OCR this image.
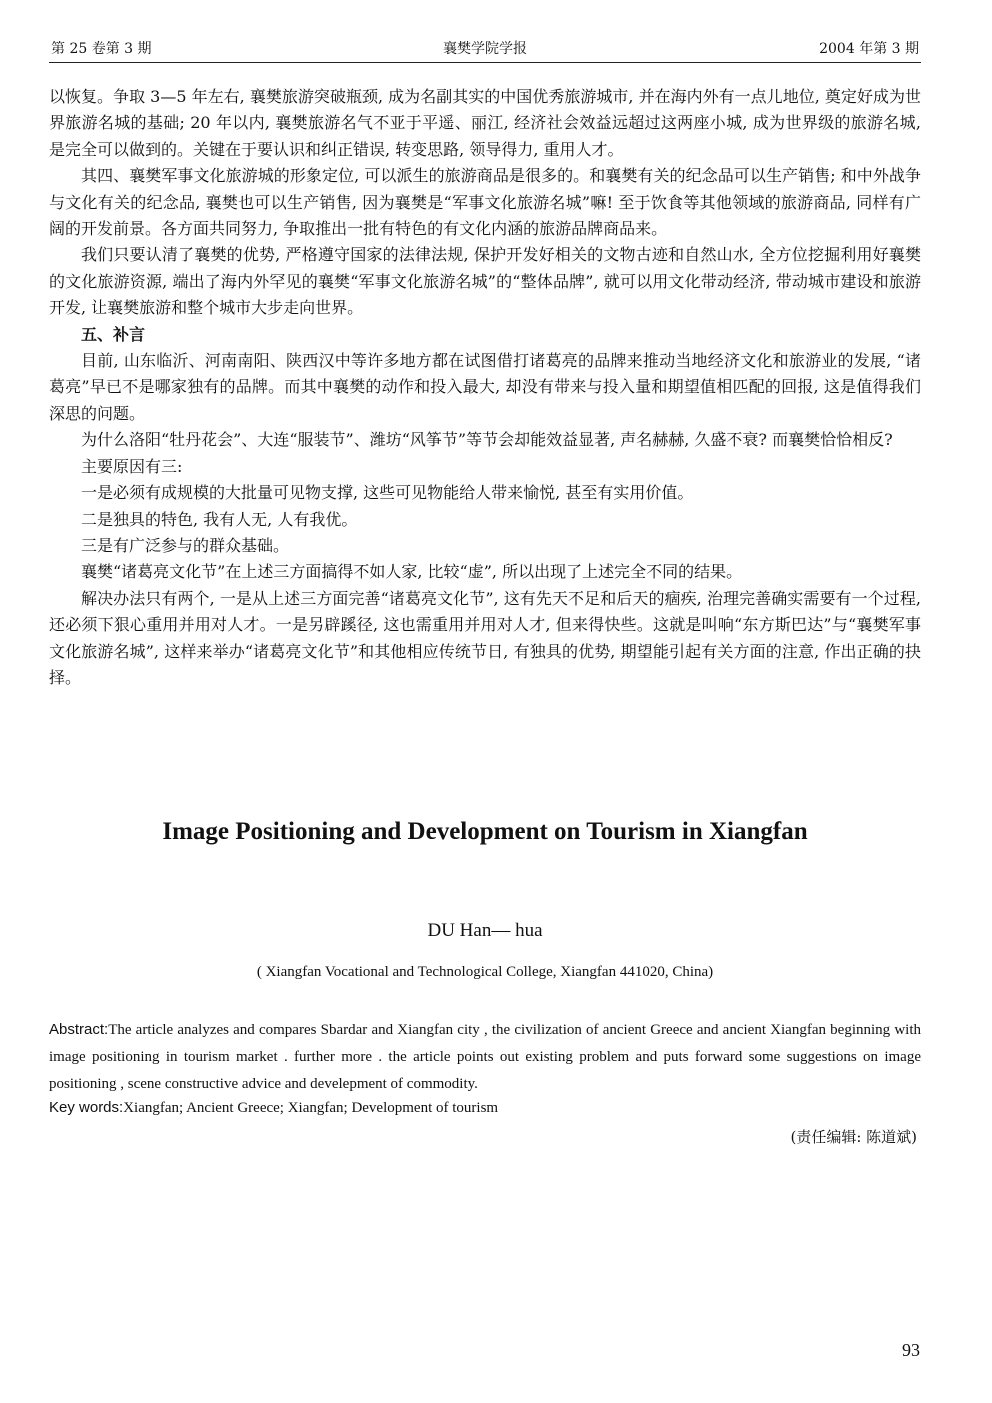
第 25 卷第 3 期	襄樊学院学报	2004 年第 3 期

以恢复。争取 3—5 年左右, 襄樊旅游突破瓶颈, 成为名副其实的中国优秀旅游城市, 并在海内外有一点儿地位, 奠定好成为世界旅游名城的基础; 20 年以内, 襄樊旅游名气不亚于平遥、丽江, 经济社会效益远超过这两座小城, 成为世界级的旅游名城, 是完全可以做到的。关键在于要认识和纠正错误, 转变思路, 领导得力, 重用人才。

其四、襄樊军事文化旅游城的形象定位, 可以派生的旅游商品是很多的。和襄樊有关的纪念品可以生产销售; 和中外战争与文化有关的纪念品, 襄樊也可以生产销售, 因为襄樊是“军事文化旅游名城”嘛! 至于饮食等其他领域的旅游商品, 同样有广阔的开发前景。各方面共同努力, 争取推出一批有特色的有文化内涵的旅游品牌商品来。

我们只要认清了襄樊的优势, 严格遵守国家的法律法规, 保护开发好相关的文物古迹和自然山水, 全方位挖掘利用好襄樊的文化旅游资源, 端出了海内外罕见的襄樊“军事文化旅游名城”的“整体品牌”, 就可以用文化带动经济, 带动城市建设和旅游开发, 让襄樊旅游和整个城市大步走向世界。

五、补言

目前, 山东临沂、河南南阳、陕西汉中等许多地方都在试图借打诸葛亮的品牌来推动当地经济文化和旅游业的发展, “诸葛亮”早已不是哪家独有的品牌。而其中襄樊的动作和投入最大, 却没有带来与投入量和期望值相匹配的回报, 这是值得我们深思的问题。

为什么洛阳“牡丹花会”、大连“服装节”、潍坊“风筝节”等节会却能效益显著, 声名赫赫, 久盛不衰? 而襄樊恰恰相反?

主要原因有三:

一是必须有成规模的大批量可见物支撑, 这些可见物能给人带来愉悦, 甚至有实用价值。

二是独具的特色, 我有人无, 人有我优。

三是有广泛参与的群众基础。

襄樊“诸葛亮文化节”在上述三方面搞得不如人家, 比较“虚”, 所以出现了上述完全不同的结果。

解决办法只有两个, 一是从上述三方面完善“诸葛亮文化节”, 这有先天不足和后天的痼疾, 治理完善确实需要有一个过程, 还必须下狠心重用并用对人才。一是另辟蹊径, 这也需重用并用对人才, 但来得快些。这就是叫响“东方斯巴达”与“襄樊军事文化旅游名城”, 这样来举办“诸葛亮文化节”和其他相应传统节日, 有独具的优势, 期望能引起有关方面的注意, 作出正确的抉择。

Image Positioning and Development on Tourism in Xiangfan
DU Han— hua
( Xiangfan Vocational and Technological College, Xiangfan 441020, China)
Abstract:The article analyzes and compares Sbardar and Xiangfan city , the civilization of ancient Greece and ancient Xiangfan beginning with image positioning in tourism market . further more . the article points out existing problem and puts forward some suggestions on image positioning , scene constructive advice and develepment of commodity.
Key words:Xiangfan; Ancient Greece; Xiangfan; Development of tourism
(责任编辑: 陈道斌)
93
